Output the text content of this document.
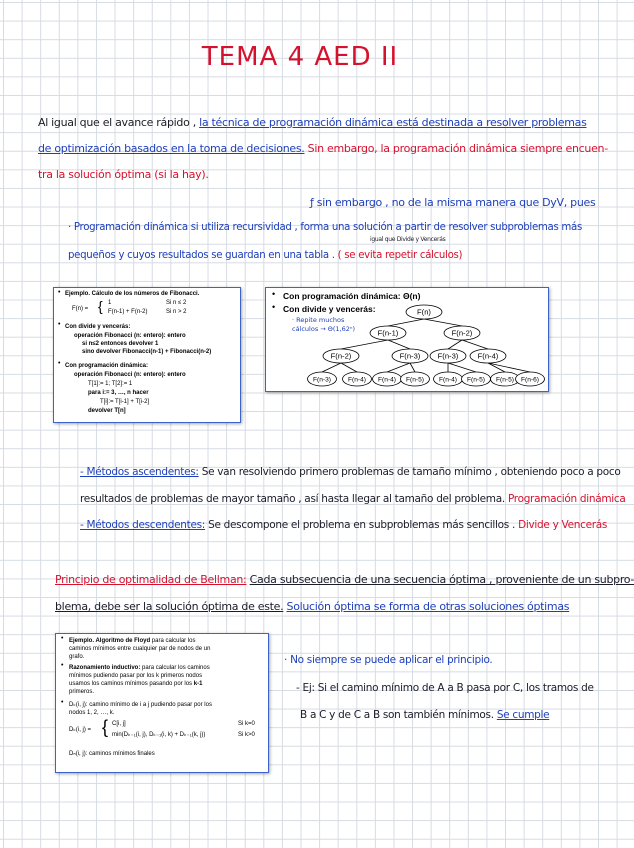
TEMA 4 AED II
Al igual que el avance rápido , la técnica de programación dinámica está destinada a resolver problemas
de optimización basados en la toma de decisiones. Sin embargo, la programación dinámica siempre encuen-
tra la solución óptima (si la hay).
ƒ sin embargo , no de la misma manera que DyV, pues
· Programación dinámica si utiliza recursividad , forma una solución a partir de resolver subproblemas más
igual que Divide y Vencerás
pequeños y cuyos resultados se guardan en una tabla . ( se evita repetir cálculos)
• Ejemplo. Cálculo de los números de Fibonacci.
F(n) = { 1	Si n ≤ 2
F(n-1) + F(n-2)	Si n > 2
• Con divide y vencerás:
operación Fibonacci (n: entero): entero
si n≤2 entonces devolver 1
sino devolver Fibonacci(n-1) + Fibonacci(n-2)
• Con programación dinámica:
operación Fibonacci (n: entero): entero
T[1]:= 1; T[2]:= 1
para i:= 3, …, n hacer
T[i]:= T[i-1] + T[i-2]
devolver T[n]
• Con programación dinámica: Θ(n)
• Con divide y vencerás:
· Repite muchos
cálculos → Θ(1,62ⁿ)
F(n)
F(n-1)	F(n-2)
F(n-2)	F(n-3) F(n-3)	F(n-4)
F(n-3)	F(n-4) F(n-4) F(n-5) F(n-4) F(n-5) F(n-5) F(n-6)
- Métodos ascendentes: Se van resolviendo primero problemas de tamaño mínimo , obteniendo poco a poco
resultados de problemas de mayor tamaño , así hasta llegar al tamaño del problema. Programación dinámica
- Métodos descendentes: Se descompone el problema en subproblemas más sencillos . Divide y Vencerás
Principio de optimalidad de Bellman: Cada subsecuencia de una secuencia óptima , proveniente de un subpro-
blema, debe ser la solución óptima de este. Solución óptima se forma de otras soluciones óptimas
• Ejemplo. Algoritmo de Floyd para calcular los
caminos mínimos entre cualquier par de nodos de un
grafo.
• Razonamiento inductivo: para calcular los caminos
mínimos pudiendo pasar por los k primeros nodos
usamos los caminos mínimos pasando por los k-1
primeros.
• Dₖ(i, j): camino mínimo de i a j pudiendo pasar por los
nodos 1, 2, …, k.
Dₖ(i, j) = { C[i, j]	Si k=0
min(Dₖ₋₁(i, j), Dₖ₋₁(i, k) + Dₖ₋₁(k, j))	Si k>0
Dₙ(i, j): caminos mínimos finales
· No siempre se puede aplicar el principio.
- Ej: Si el camino mínimo de A a B pasa por C, los tramos de
B a C y de C a B son también mínimos. Se cumple
